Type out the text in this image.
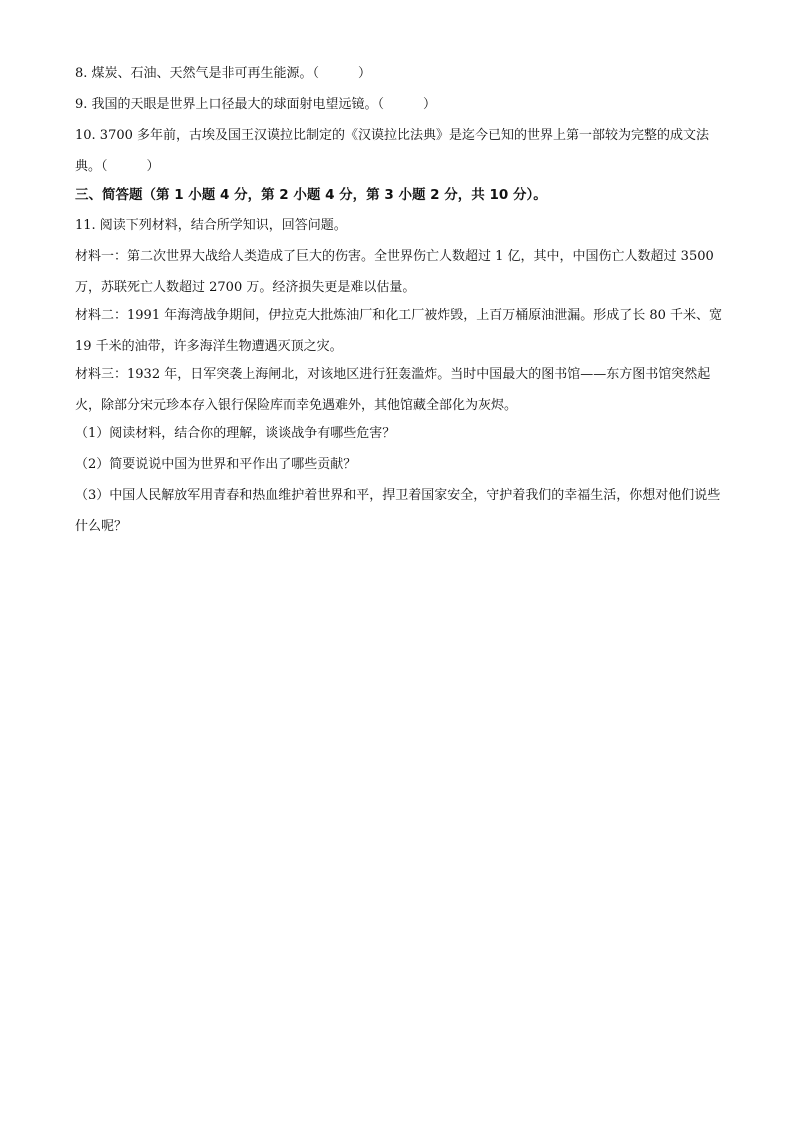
8. 煤炭、石油、天然气是非可再生能源。（　　　）

9. 我国的天眼是世界上口径最大的球面射电望远镜。（　　　）

10. 3700 多年前，古埃及国王汉谟拉比制定的《汉谟拉比法典》是迄今已知的世界上第一部较为完整的成文法典。（　　　）

三、简答题（第 1 小题 4 分，第 2 小题 4 分，第 3 小题 2 分，共 10 分）。

11. 阅读下列材料，结合所学知识，回答问题。

材料一：第二次世界大战给人类造成了巨大的伤害。全世界伤亡人数超过 1 亿，其中，中国伤亡人数超过 3500 万，苏联死亡人数超过 2700 万。经济损失更是难以估量。

材料二：1991 年海湾战争期间，伊拉克大批炼油厂和化工厂被炸毁，上百万桶原油泄漏。形成了长 80 千米、宽 19 千米的油带，许多海洋生物遭遇灭顶之灾。

材料三：1932 年，日军突袭上海闸北，对该地区进行狂轰滥炸。当时中国最大的图书馆——东方图书馆突然起火，除部分宋元珍本存入银行保险库而幸免遇难外，其他馆藏全部化为灰烬。

（1）阅读材料，结合你的理解，谈谈战争有哪些危害？

（2）简要说说中国为世界和平作出了哪些贡献？

（3）中国人民解放军用青春和热血维护着世界和平，捍卫着国家安全，守护着我们的幸福生活，你想对他们说些什么呢？
